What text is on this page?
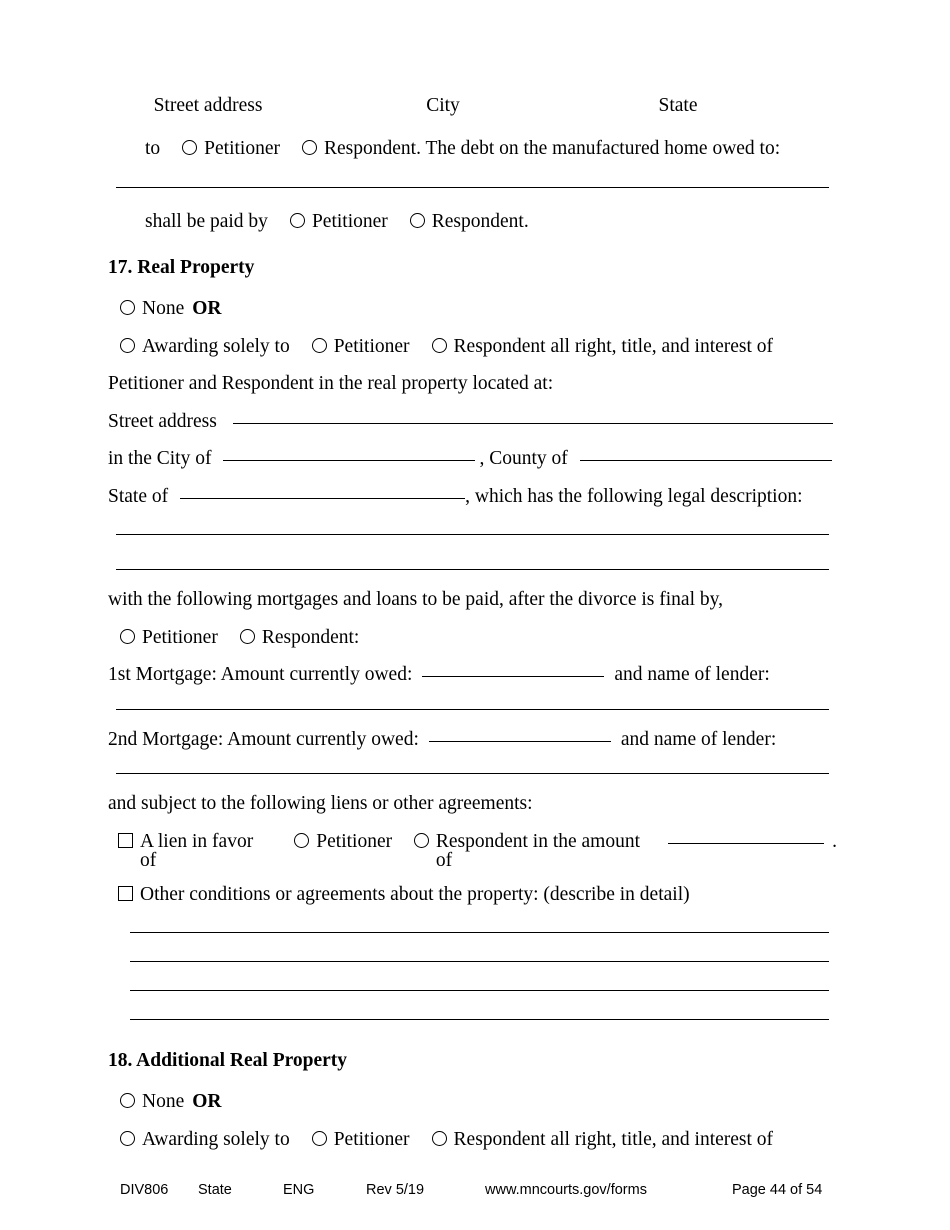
Street address	City	State
to Petitioner Respondent. The debt on the manufactured home owed to:
shall be paid by Petitioner Respondent.
17. Real Property
None OR
Awarding solely to Petitioner Respondent all right, title, and interest of
Petitioner and Respondent in the real property located at:
Street address
in the City of	, County of
State of	, which has the following legal description:
with the following mortgages and loans to be paid, after the divorce is final by,
Petitioner Respondent:
1st Mortgage: Amount currently owed:	and name of lender:
2nd Mortgage: Amount currently owed:	and name of lender:
and subject to the following liens or other agreements:
A lien in favor of
Petitioner Respondent in the amount of
.
Other conditions or agreements about the property: (describe in detail)
18. Additional Real Property
None OR
Awarding solely to Petitioner Respondent all right, title, and interest of
DIV806 State	ENG	Rev 5/19	www.mncourts.gov/forms	Page 44 of 54
